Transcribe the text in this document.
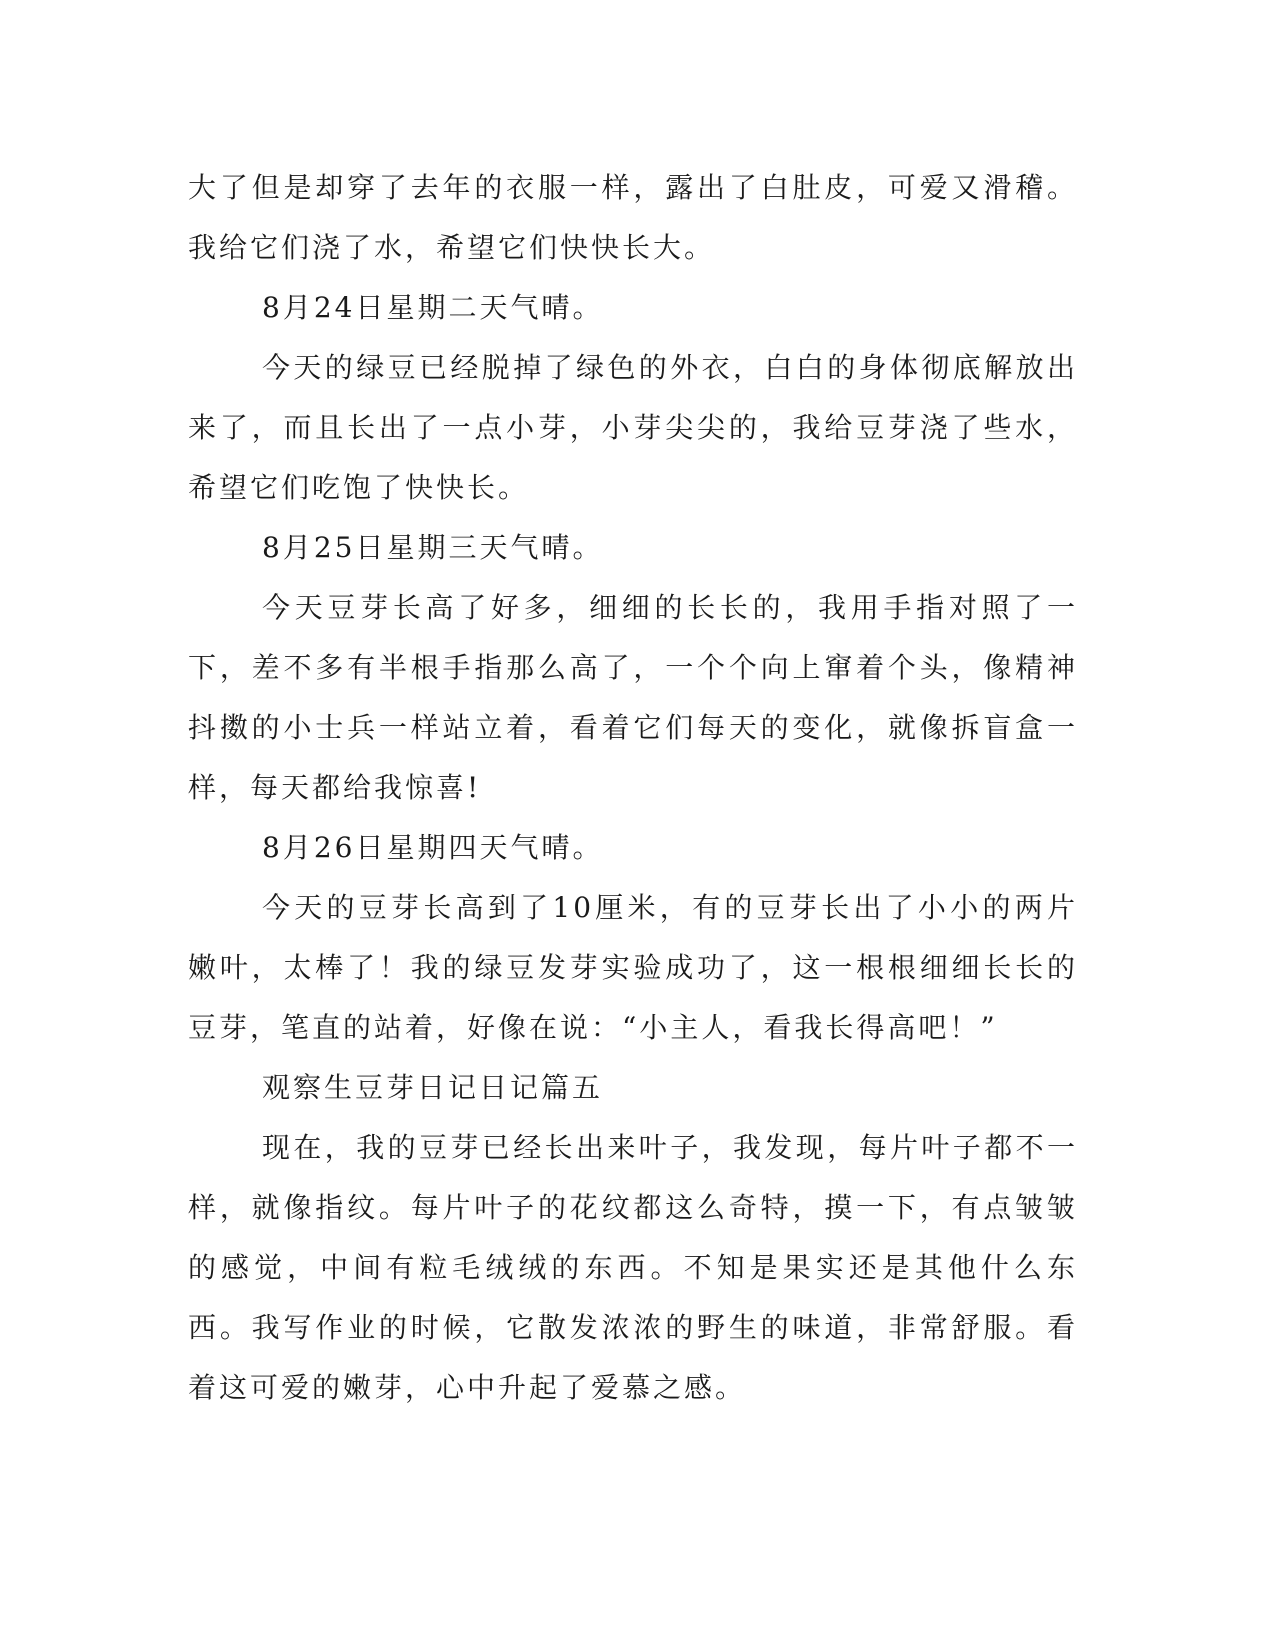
大了但是却穿了去年的衣服一样，露出了白肚皮，可爱又滑稽。我给它们浇了水，希望它们快快长大。

8月24日星期二天气晴。

今天的绿豆已经脱掉了绿色的外衣，白白的身体彻底解放出来了，而且长出了一点小芽，小芽尖尖的，我给豆芽浇了些水，希望它们吃饱了快快长。

8月25日星期三天气晴。

今天豆芽长高了好多，细细的长长的，我用手指对照了一下，差不多有半根手指那么高了，一个个向上窜着个头，像精神抖擞的小士兵一样站立着，看着它们每天的变化，就像拆盲盒一样，每天都给我惊喜!

8月26日星期四天气晴。

今天的豆芽长高到了10厘米，有的豆芽长出了小小的两片嫩叶，太棒了！我的绿豆发芽实验成功了，这一根根细细长长的豆芽，笔直的站着，好像在说：“小主人，看我长得高吧！”

观察生豆芽日记日记篇五

现在，我的豆芽已经长出来叶子，我发现，每片叶子都不一样，就像指纹。每片叶子的花纹都这么奇特，摸一下，有点皱皱的感觉，中间有粒毛绒绒的东西。不知是果实还是其他什么东西。我写作业的时候，它散发浓浓的野生的味道，非常舒服。看着这可爱的嫩芽，心中升起了爱慕之感。
